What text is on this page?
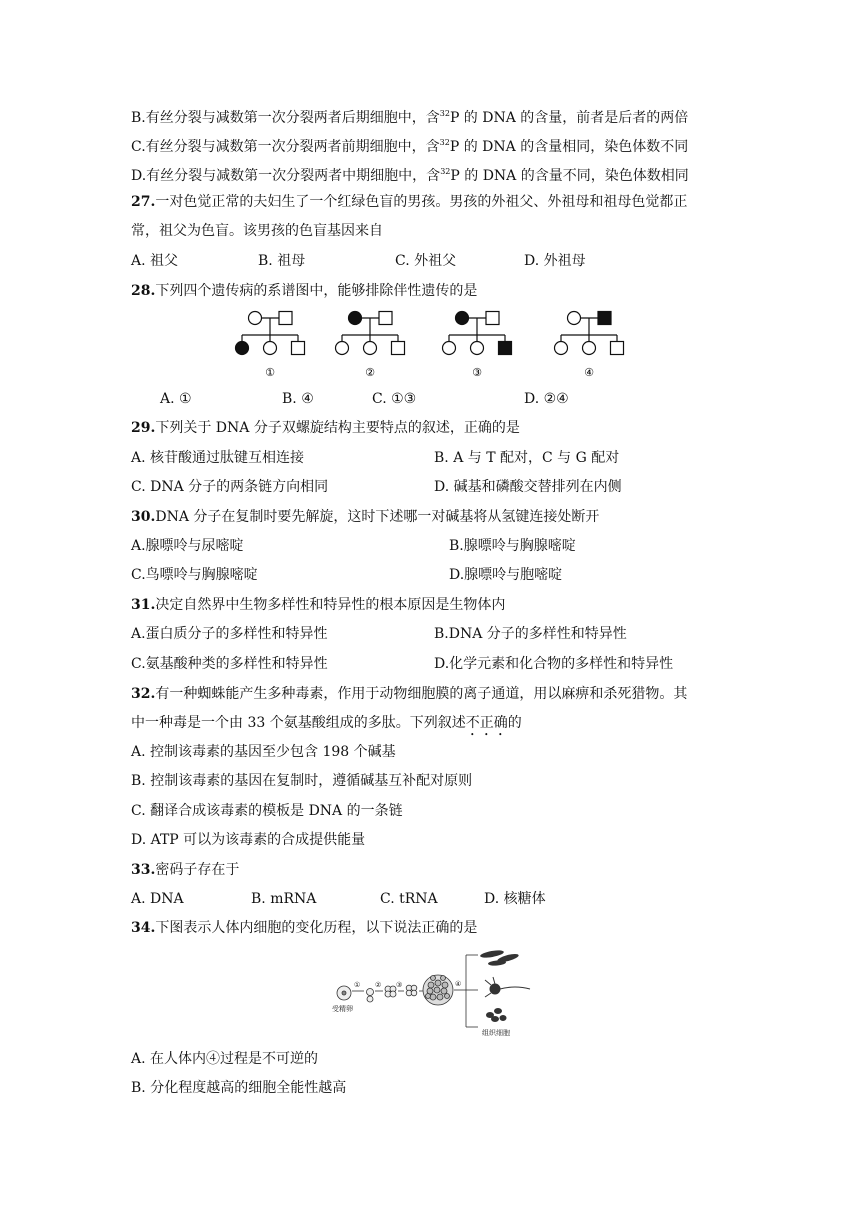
B.有丝分裂与减数第一次分裂两者后期细胞中，含$^{32}$P 的 DNA 的含量，前者是后者的两倍
C.有丝分裂与减数第一次分裂两者前期细胞中，含$^{32}$P 的 DNA 的含量相同，染色体数不同
D.有丝分裂与减数第一次分裂两者中期细胞中，含$^{32}$P 的 DNA 的含量不同，染色体数相同
27.一对色觉正常的夫妇生了一个红绿色盲的男孩。男孩的外祖父、外祖母和祖母色觉都正
常，祖父为色盲。该男孩的色盲基因来自
A. 祖父	B. 祖母	C. 外祖父	D. 外祖母
28.下列四个遗传病的系谱图中，能够排除伴性遗传的是
①	②	③	④
A. ①	B. ④	C. ①③	D. ②④
29.下列关于 DNA 分子双螺旋结构主要特点的叙述，正确的是
A. 核苷酸通过肽键互相连接	B. A 与 T 配对，C 与 G 配对
C. DNA 分子的两条链方向相同	D. 碱基和磷酸交替排列在内侧
30.DNA 分子在复制时要先解旋，这时下述哪一对碱基将从氢键连接处断开
A.腺嘌呤与尿嘧啶	B.腺嘌呤与胸腺嘧啶
C.鸟嘌呤与胸腺嘧啶	D.腺嘌呤与胞嘧啶
31.决定自然界中生物多样性和特异性的根本原因是生物体内
A.蛋白质分子的多样性和特异性	B.DNA 分子的多样性和特异性
C.氨基酸种类的多样性和特异性	D.化学元素和化合物的多样性和特异性
32.有一种蜘蛛能产生多种毒素，作用于动物细胞膜的离子通道，用以麻痹和杀死猎物。其
中一种毒是一个由 33 个氨基酸组成的多肽。下列叙述不正确的
A. 控制该毒素的基因至少包含 198 个碱基
B. 控制该毒素的基因在复制时，遵循碱基互补配对原则
C. 翻译合成该毒素的模板是 DNA 的一条链
D. ATP 可以为该毒素的合成提供能量
33.密码子存在于
A. DNA	B. mRNA	C. tRNA	D. 核糖体
34.下图表示人体内细胞的变化历程，以下说法正确的是
① ② ③	④
受精卵
组织细胞
A. 在人体内④过程是不可逆的
B. 分化程度越高的细胞全能性越高
